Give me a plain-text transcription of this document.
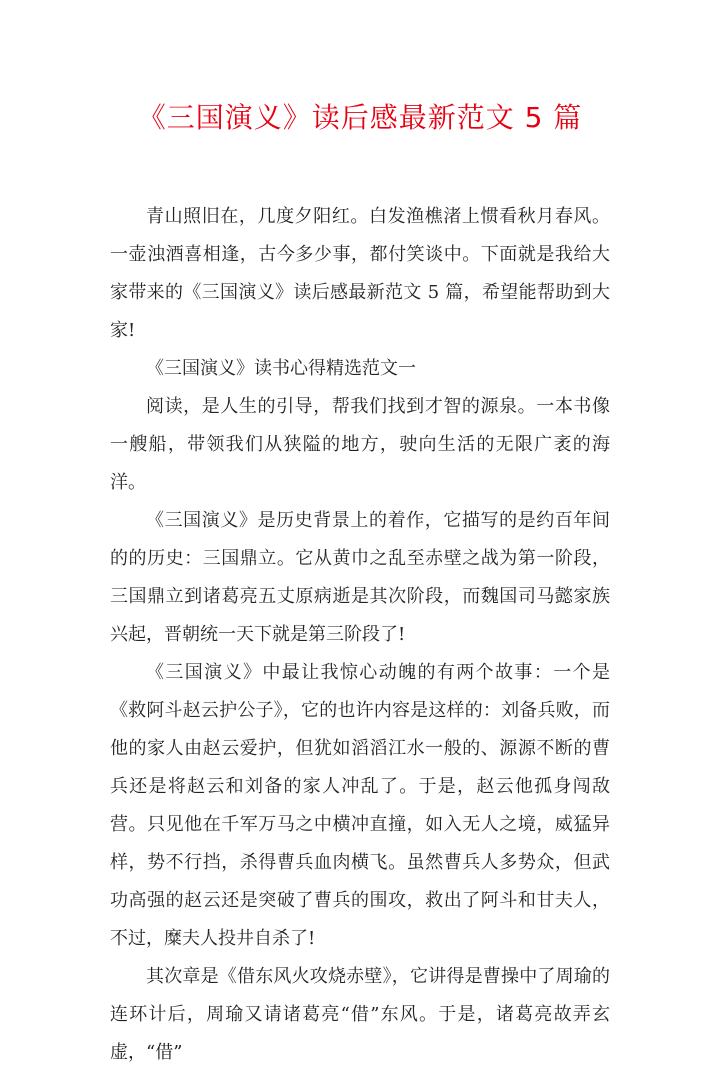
《三国演义》读后感最新范文 5 篇

青山照旧在，几度夕阳红。白发渔樵渚上惯看秋月春风。一壶浊酒喜相逢，古今多少事，都付笑谈中。下面就是我给大家带来的《三国演义》读后感最新范文 5 篇，希望能帮助到大家!

《三国演义》读书心得精选范文一

阅读，是人生的引导，帮我们找到才智的源泉。一本书像一艘船，带领我们从狭隘的地方，驶向生活的无限广袤的海洋。

《三国演义》是历史背景上的着作，它描写的是约百年间的的历史：三国鼎立。它从黄巾之乱至赤壁之战为第一阶段，三国鼎立到诸葛亮五丈原病逝是其次阶段，而魏国司马懿家族兴起，晋朝统一天下就是第三阶段了!

《三国演义》中最让我惊心动魄的有两个故事：一个是《救阿斗赵云护公子》，它的也许内容是这样的：刘备兵败，而他的家人由赵云爱护，但犹如滔滔江水一般的、源源不断的曹兵还是将赵云和刘备的家人冲乱了。于是，赵云他孤身闯敌营。只见他在千军万马之中横冲直撞，如入无人之境，威猛异样，势不行挡，杀得曹兵血肉横飞。虽然曹兵人多势众，但武功高强的赵云还是突破了曹兵的围攻，救出了阿斗和甘夫人，不过，糜夫人投井自杀了!

其次章是《借东风火攻烧赤壁》，它讲得是曹操中了周瑜的连环计后，周瑜又请诸葛亮“借”东风。于是，诸葛亮故弄玄虚，“借”
